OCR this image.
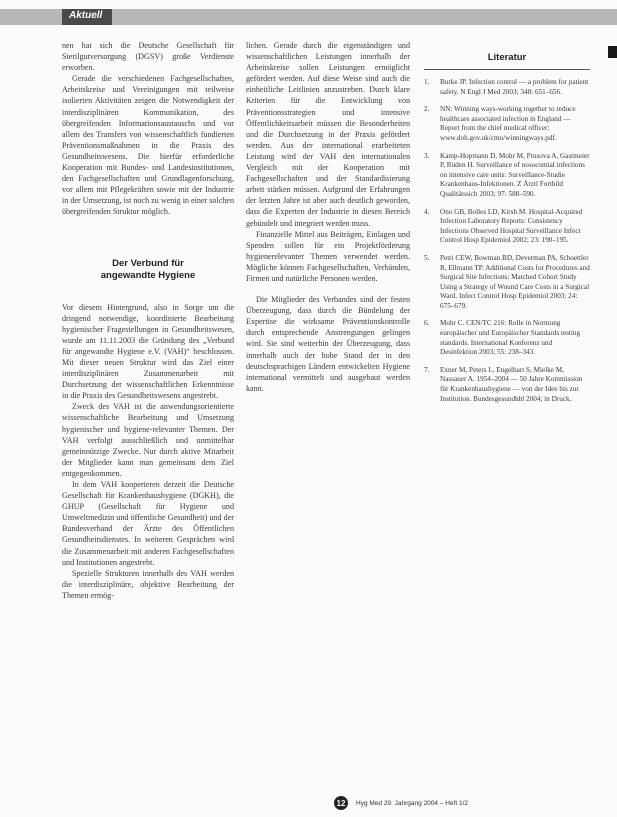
Aktuell

nen hat sich die Deutsche Gesellschaft für Sterilgutversorgung (DGSV) große Verdienste erworben.

Gerade die verschiedenen Fachgesellschaften, Arbeitskreise und Vereinigungen mit teilweise isolierten Aktivitäten zeigen die Notwendigkeit der interdisziplinären Kommunikation, des übergreifenden Informationsaustauschs und vor allem des Transfers von wissenschaftlich fundierten Präventionsmaßnahmen in die Praxis des Gesundheitswesens. Die hierfür erforderliche Kooperation mit Bundes- und Landesinstitutionen, den Fachgesellschaften und Grundlagenforschung, vor allem mit Pflegekräften sowie mit der Industrie in der Umsetzung, ist noch zu wenig in einer solchen übergreifenden Struktur möglich.

Der Verbund für
angewandte Hygiene

Vor diesem Hintergrund, also in Sorge um die dringend notwendige, koordinierte Bearbeitung hygienischer Fragestellungen in Gesundheitswesen, wurde am 11.11.2003 die Gründung des „Verbund für angewandte Hygiene e.V. (VAH)“ beschlossen. Mit dieser neuen Struktur wird das Ziel einer interdisziplinären Zusammenarbeit mit Durchsetzung der wissenschaftlichen Erkenntnisse in die Praxis des Gesundheitswesens angestrebt.

Zweck des VAH ist die anwendungsorientierte wissenschaftliche Bearbeitung und Umsetzung hygienischer und hygiene-relevanter Themen. Der VAH verfolgt ausschließlich und unmittelbar gemeinnützige Zwecke. Nur durch aktive Mitarbeit der Mitglieder kann man gemeinsam dem Ziel entgegenkommen.

In dem VAH kooperieren derzeit die Deutsche Gesellschaft für Krankenhaushygiene (DGKH), die GHUP (Gesellschaft für Hygiene und Umweltmedizin und öffentliche Gesundheit) und der Bundesverband der Ärzte des Öffentlichen Gesundheitsdienstes. In weiteren Gesprächen wird die Zusammenarbeit mit anderen Fachgesellschaften und Institutionen angestrebt.

Spezielle Strukturen innerhalb des VAH werden die interdisziplinäre, objektive Bearbeitung der Themen ermög-

lichen. Gerade durch die eigenständigen und wissenschaftlichen Leistungen innerhalb der Arbeitskreise sollen Leistungen ermöglicht gefördert werden. Auf diese Weise sind auch die einheitliche Leitlinien anzustreben. Durch klare Kriterien für die Entwicklung von Präventionsstrategien und intensive Öffentlichkeitsarbeit müssen die Besonderheiten und die Durchsetzung in der Praxis gefördert werden. Aus der international erarbeiteten Leistung wird der VAH den internationalen Vergleich mit der Kooperation mit Fachgesellschaften und der Standardisierung arbeit stärken müssen. Aufgrund der Erfahrungen der letzten Jahre ist aber auch deutlich geworden, dass die Experten der Industrie in diesen Bereich gebündelt und integriert werden muss.

Finanzielle Mittel aus Beiträgen, Einlagen und Spenden sollen für ein Projektförderung hygienerelevanter Themen verwendet werden. Mögliche können Fachgesellschaften, Verbänden, Firmen und natürliche Personen werden.

Die Mitglieder des Verbandes sind der festen Überzeugung, dass durch die Bündelung der Expertise die wirksame Präventionskontrolle durch entsprechende Anstrengungen gelingen wird. Sie sind weiterhin der Überzeugung, dass innerhalb auch der hohe Stand der in den deutschsprachigen Ländern entwickelten Hygiene international vermittelt und ausgebaut werden kann.

Literatur
1.	Burke JP. Infection control — a problem for patient safety. N Engl J Med 2003; 348: 651–656.
2.	NN: Winning ways-working together to reduce healthcare associated infection in England — Report from the chief medical officer: www.doh.gov.uk/cmo/winningways.pdf.
3.	Kamp-Hopmann D, Mohr M, Prusova A, Gastmeier P, Rüden H. Surveillance of nosocomial infections on intensive care units: Surveillance-Studie Krankenhaus-Infektionen. Z Ärztl Fortbild Qualitätssich 2003; 97: 588–590.
4.	Ono GB, Bolles LD, Kirsh M. Hospital-Acquired Infection Laboratory Reports: Consistency Infections Observed Hospital Surveillance Infect Control Hosp Epidemiol 2002; 23: 190–195.
5.	Petri CEW, Bowman BD, Deverman PA, Schoettler R, Ellmann TP. Additional Costs for Procedures and Surgical Site Infections: Matched Cohort Study Using a Strategy of Wound Care Costs in a Surgical Ward. Infect Control Hosp Epidemiol 2003; 24: 675–679.
6.	Mohr C. CEN/TC 216: Rolle in Normung europäischer und Europäischer Standards testing standards. International Konferenz und Desinfektion 2003; 55: 238–343.
7.	Exner M, Peters L, Engelhart S, Mielke M, Nassauer A. 1954–2004 — 50 Jahre Kommission für Krankenhaushygiene — von der Idee bis zur Institution. Bundesgesundhbl 2004; in Druck.
12	Hyg Med 29. Jahrgang 2004 – Heft 1/2
